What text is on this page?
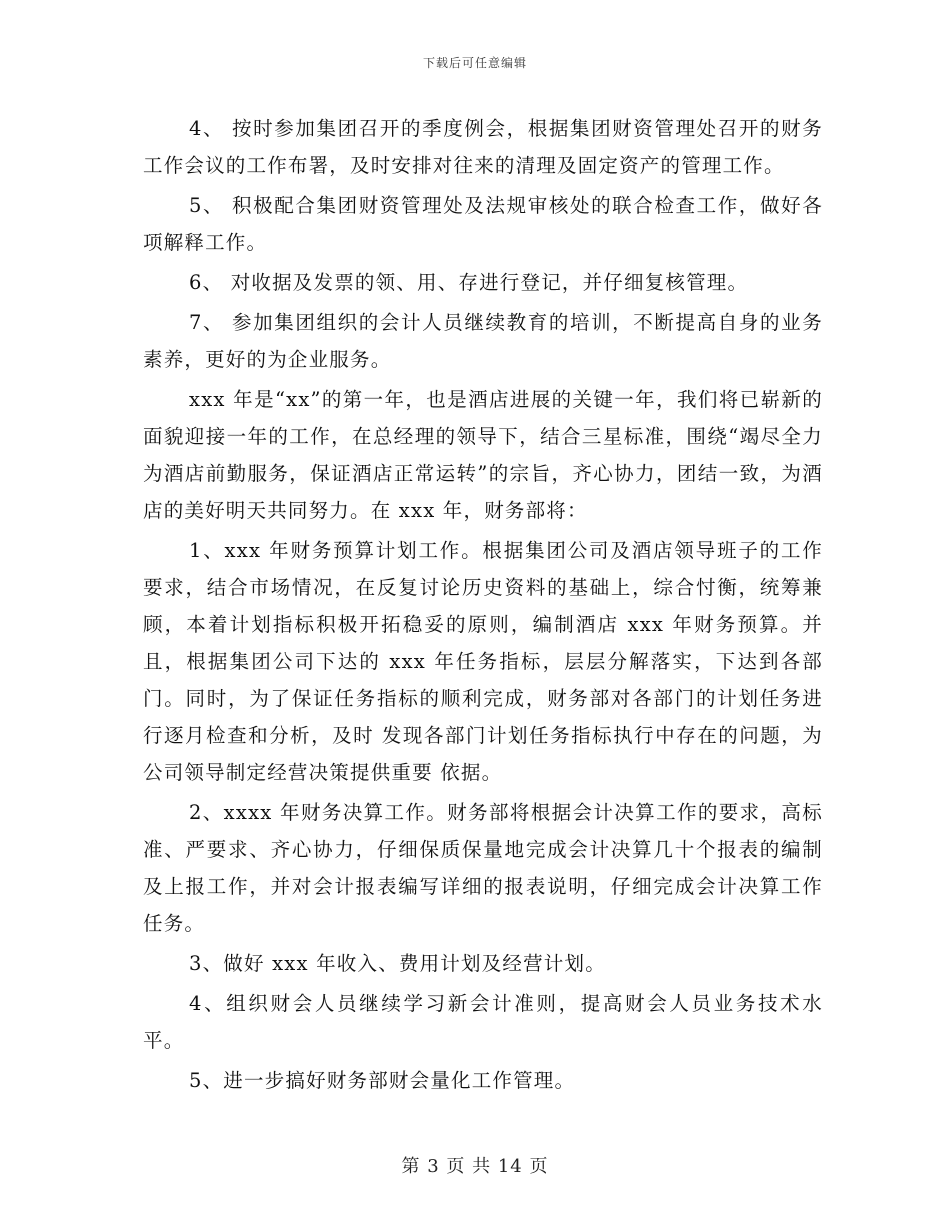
下载后可任意编辑

4、 按时参加集团召开的季度例会，根据集团财资管理处召开的财务工作会议的工作布署，及时安排对往来的清理及固定资产的管理工作。

5、 积极配合集团财资管理处及法规审核处的联合检查工作，做好各项解释工作。

6、 对收据及发票的领、用、存进行登记，并仔细复核管理。

7、 参加集团组织的会计人员继续教育的培训，不断提高自身的业务素养，更好的为企业服务。

xxx 年是“xx”的第一年，也是酒店进展的关键一年，我们将已崭新的面貌迎接一年的工作，在总经理的领导下，结合三星标准，围绕“竭尽全力为酒店前勤服务，保证酒店正常运转”的宗旨，齐心协力，团结一致，为酒店的美好明天共同努力。在 xxx 年，财务部将：

1、xxx 年财务预算计划工作。根据集团公司及酒店领导班子的工作要求，结合市场情况，在反复讨论历史资料的基础上，综合忖衡，统筹兼顾，本着计划指标积极开拓稳妥的原则，编制酒店 xxx 年财务预算。并且，根据集团公司下达的 xxx 年任务指标，层层分解落实，下达到各部门。同时，为了保证任务指标的顺利完成，财务部对各部门的计划任务进行逐月检查和分析，及时 发现各部门计划任务指标执行中存在的问题，为公司领导制定经营决策提供重要 依据。

2、xxxx 年财务决算工作。财务部将根据会计决算工作的要求，高标准、严要求、齐心协力，仔细保质保量地完成会计决算几十个报表的编制及上报工作，并对会计报表编写详细的报表说明，仔细完成会计决算工作任务。

3、做好 xxx 年收入、费用计划及经营计划。

4、组织财会人员继续学习新会计准则，提高财会人员业务技术水平。

5、进一步搞好财务部财会量化工作管理。

第 3 页 共 14 页
